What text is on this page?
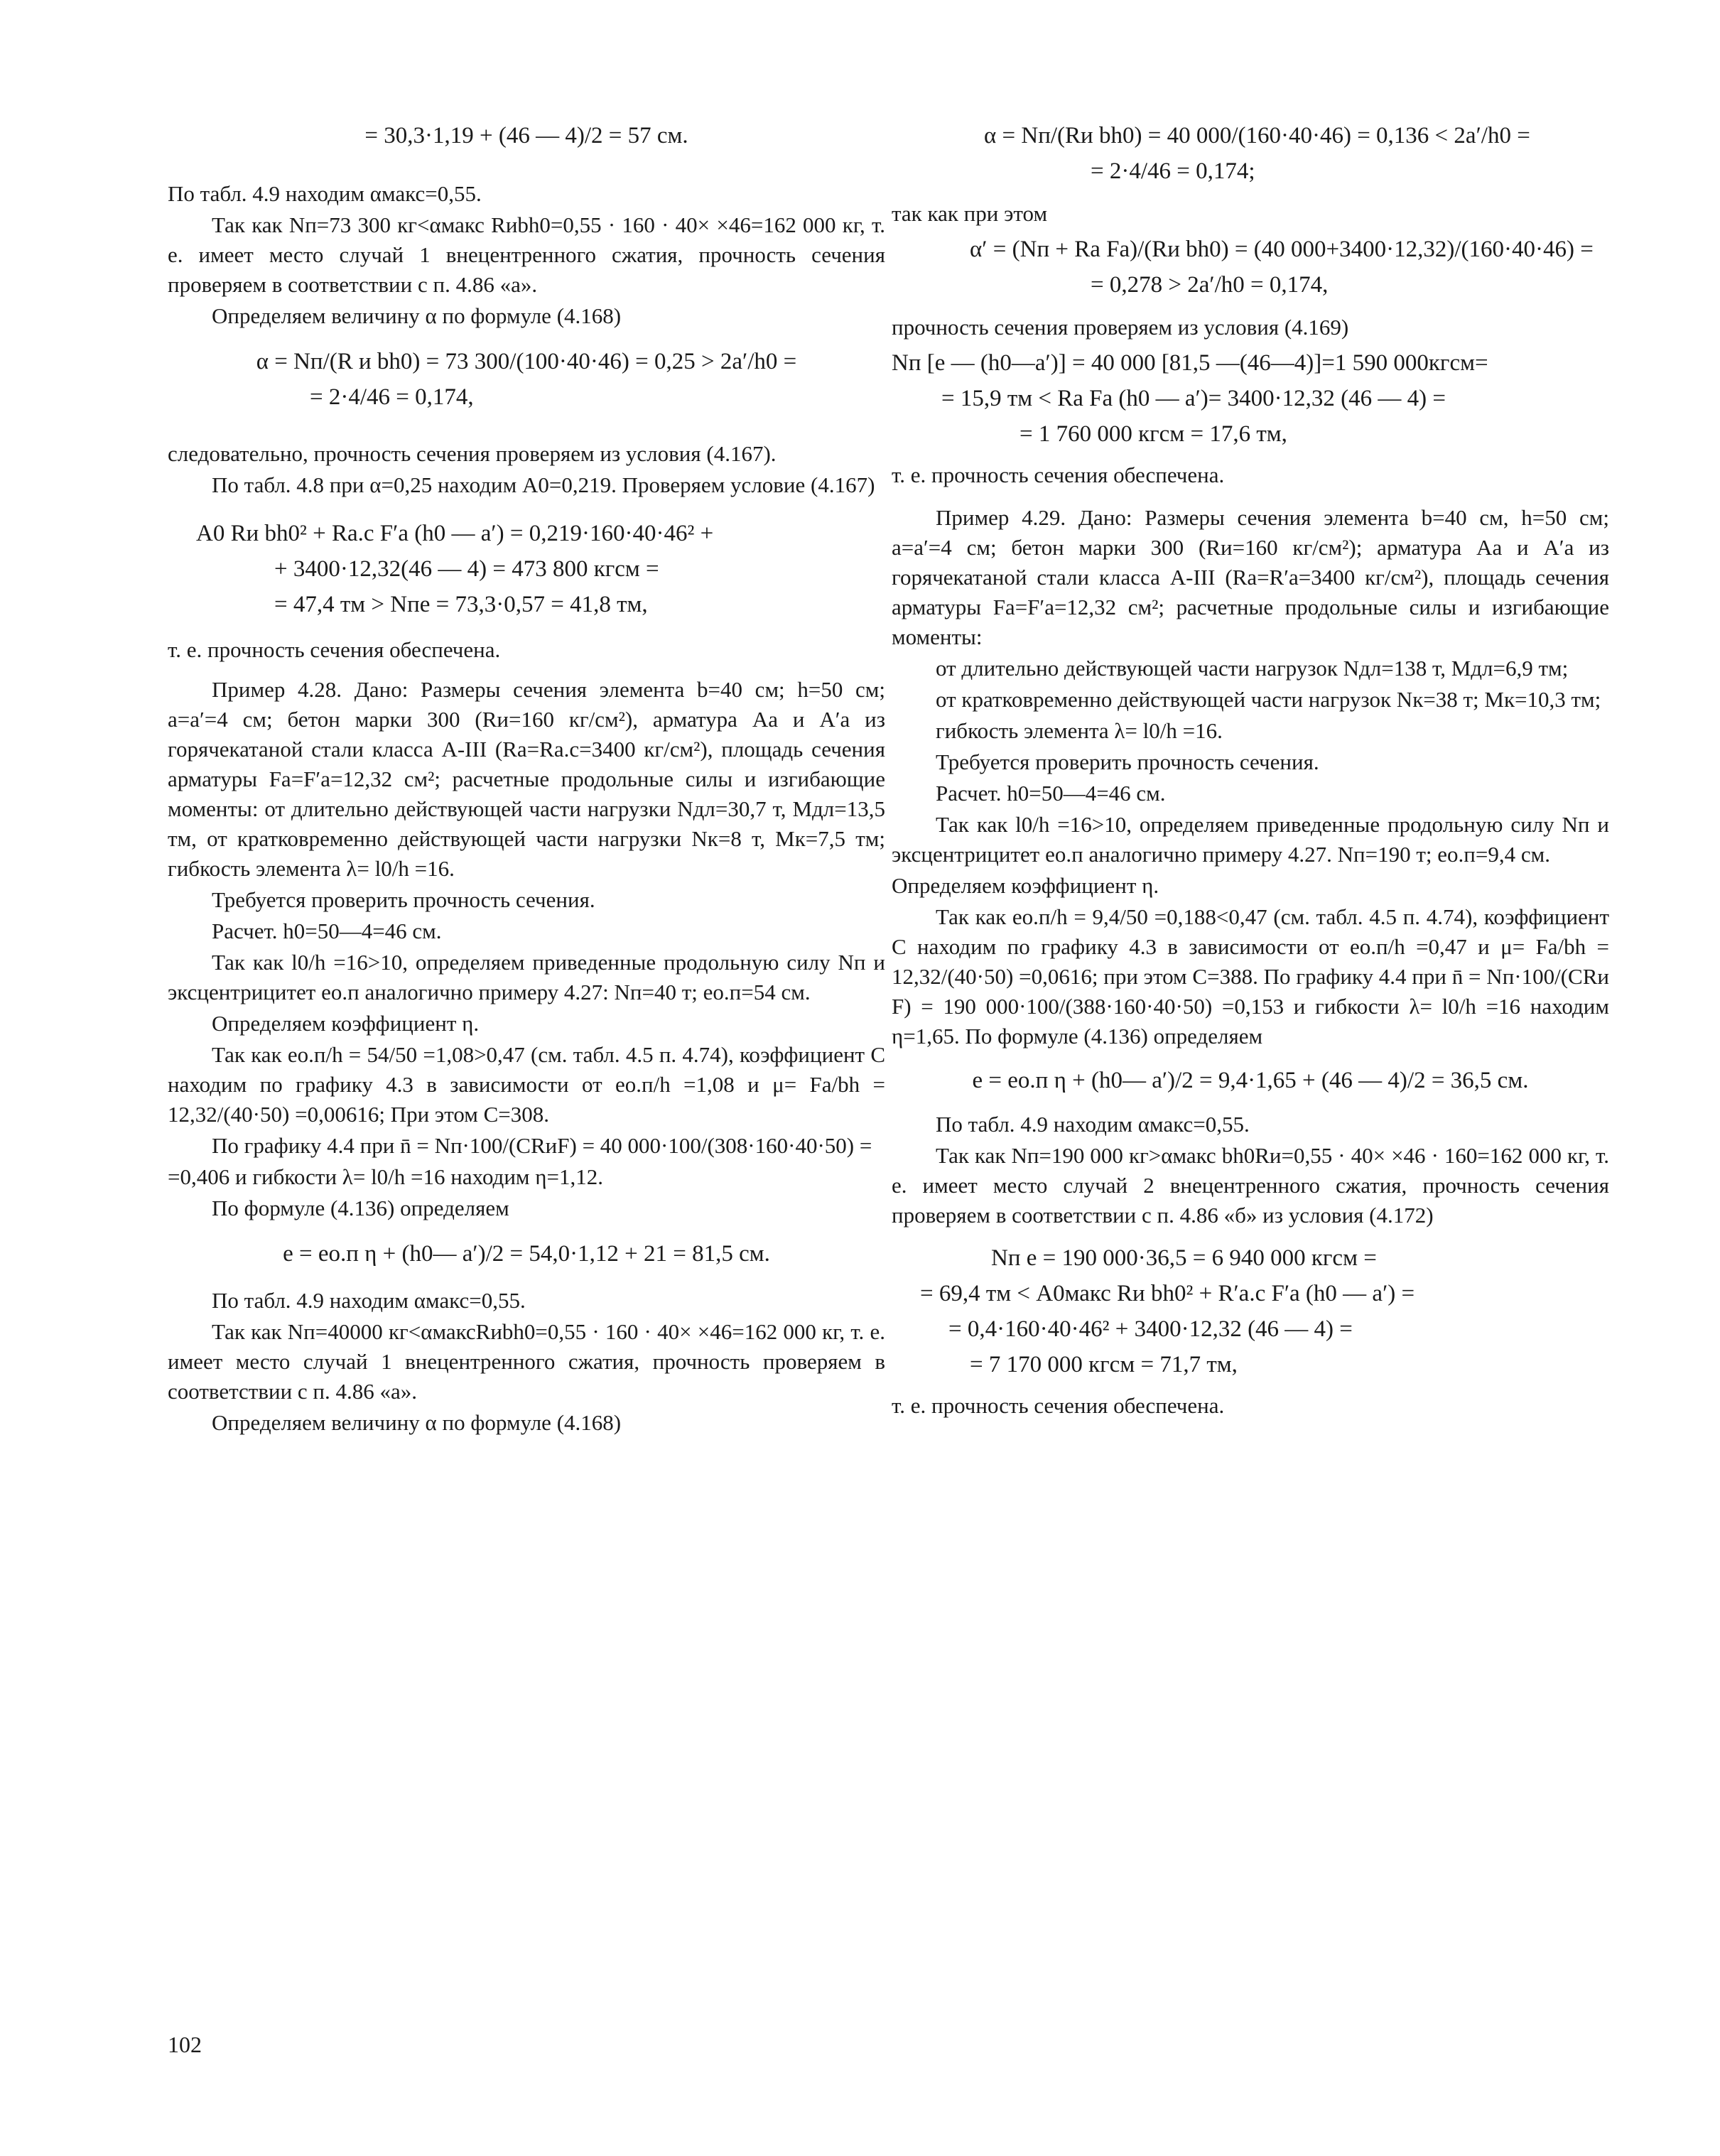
= 30,3·1,19 + (46 — 4)/2 = 57 см.

По табл. 4.9 находим αмакс=0,55.

Так как Nп=73 300 кг<αмакс Rиbh0=0,55 · 160 · 40× ×46=162 000 кг, т. е. имеет место случай 1 внецентренного сжатия, прочность сечения проверяем в соответствии с п. 4.86 «а».

Определяем величину α по формуле (4.168)

α = Nп/(R и bh0) = 73 300/(100·40·46) = 0,25 > 2a′/h0 =
= 2·4/46 = 0,174,

следовательно, прочность сечения проверяем из условия (4.167).

По табл. 4.8 при α=0,25 находим A0=0,219. Проверяем условие (4.167)

A0 Rи bh0² + Rа.с F′а (h0 — a′) = 0,219·160·40·46² +
+ 3400·12,32(46 — 4) = 473 800 кгсм =
= 47,4 тм > Nпe = 73,3·0,57 = 41,8 тм,

т. е. прочность сечения обеспечена.

Пример 4.28. Дано: Размеры сечения элемента b=40 см; h=50 см; a=a′=4 см; бетон марки 300 (Rи=160 кг/см²), арматура Aа и A′а из горячекатаной стали класса A-III (Rа=Rа.с=3400 кг/см²), площадь сечения арматуры Fа=F′а=12,32 см²; расчетные продольные силы и изгибающие моменты: от длительно действующей части нагрузки Nдл=30,7 т, Mдл=13,5 тм, от кратковременно действующей части нагрузки Nк=8 т, Mк=7,5 тм; гибкость элемента λ= l0/h =16.

Требуется проверить прочность сечения.

Расчет. h0=50—4=46 см.

Так как l0/h =16>10, определяем приведенные продольную силу Nп и эксцентрицитет eо.п аналогично примеру 4.27: Nп=40 т; eо.п=54 см.

Определяем коэффициент η.

Так как eо.п/h = 54/50 =1,08>0,47 (см. табл. 4.5 п. 4.74), коэффициент C находим по графику 4.3 в зависимости от eо.п/h =1,08 и μ= Fа/bh = 12,32/(40·50) =0,00616; При этом C=308.

По графику 4.4 при n̄ = Nп·100/(CRиF) = 40 000·100/(308·160·40·50) =

=0,406 и гибкости λ= l0/h =16 находим η=1,12.

По формуле (4.136) определяем

e = eо.п η + (h0— a′)/2 = 54,0·1,12 + 21 = 81,5 см.

По табл. 4.9 находим αмакс=0,55.

Так как Nп=40000 кг<αмаксRиbh0=0,55 · 160 · 40× ×46=162 000 кг, т. е. имеет место случай 1 внецентренного сжатия, прочность проверяем в соответствии с п. 4.86 «а».

Определяем величину α по формуле (4.168)

α = Nп/(Rи bh0) = 40 000/(160·40·46) = 0,136 < 2a′/h0 =
= 2·4/46 = 0,174;

так как при этом

α′ = (Nп + Rа Fа)/(Rи bh0) = (40 000+3400·12,32)/(160·40·46) =
= 0,278 > 2a′/h0 = 0,174,

прочность сечения проверяем из условия (4.169)

Nп [e — (h0—a′)] = 40 000 [81,5 —(46—4)]=1 590 000кгсм=
= 15,9 тм < Rа Fа (h0 — a′)= 3400·12,32 (46 — 4) =
= 1 760 000 кгсм = 17,6 тм,

т. е. прочность сечения обеспечена.

Пример 4.29. Дано: Размеры сечения элемента b=40 см, h=50 см; a=a′=4 см; бетон марки 300 (Rи=160 кг/см²); арматура Aа и A′а из горячекатаной стали класса A-III (Rа=R′а=3400 кг/см²), площадь сечения арматуры Fа=F′а=12,32 см²; расчетные продольные силы и изгибающие моменты:

от длительно действующей части нагрузок Nдл=138 т, Mдл=6,9 тм;

от кратковременно действующей части нагрузок Nк=38 т; Mк=10,3 тм;

гибкость элемента λ= l0/h =16.

Требуется проверить прочность сечения.

Расчет. h0=50—4=46 см.

Так как l0/h =16>10, определяем приведенные продольную силу Nп и эксцентрицитет eо.п аналогично примеру 4.27. Nп=190 т; eо.п=9,4 см.

Определяем коэффициент η.

Так как eо.п/h = 9,4/50 =0,188<0,47 (см. табл. 4.5 п. 4.74), коэффициент C находим по графику 4.3 в зависимости от eо.п/h =0,47 и μ= Fа/bh = 12,32/(40·50) =0,0616; при этом C=388. По графику 4.4 при n̄ = Nп·100/(CRи F) = 190 000·100/(388·160·40·50) =0,153 и гибкости λ= l0/h =16 находим η=1,65. По формуле (4.136) определяем

e = eо.п η + (h0— a′)/2 = 9,4·1,65 + (46 — 4)/2 = 36,5 см.

По табл. 4.9 находим αмакс=0,55.

Так как Nп=190 000 кг>αмакс bh0Rи=0,55 · 40× ×46 · 160=162 000 кг, т. е. имеет место случай 2 внецентренного сжатия, прочность сечения проверяем в соответствии с п. 4.86 «б» из условия (4.172)

Nп e = 190 000·36,5 = 6 940 000 кгсм =
= 69,4 тм < A0макс Rи bh0² + R′а.с F′а (h0 — a′) =
= 0,4·160·40·46² + 3400·12,32 (46 — 4) =
= 7 170 000 кгсм = 71,7 тм,

т. е. прочность сечения обеспечена.

102
